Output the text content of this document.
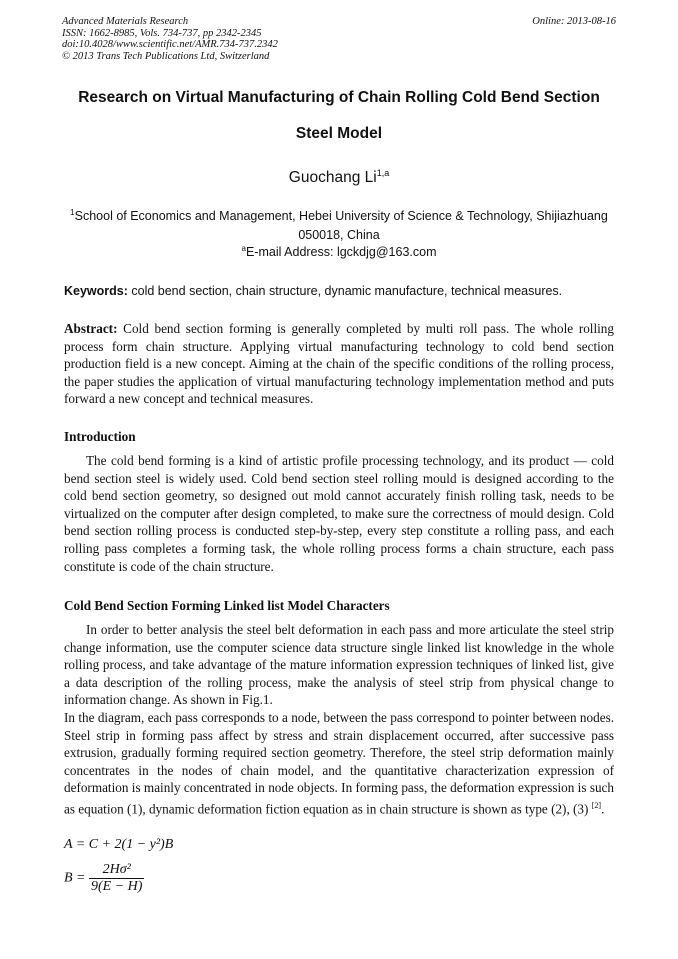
Advanced Materials Research
ISSN: 1662-8985, Vols. 734-737, pp 2342-2345
doi:10.4028/www.scientific.net/AMR.734-737.2342
© 2013 Trans Tech Publications Ltd, Switzerland
Online: 2013-08-16
Research on Virtual Manufacturing of Chain Rolling Cold Bend Section
Steel Model
Guochang Li$^{1,a}$
$^1$School of Economics and Management, Hebei University of Science & Technology, Shijiazhuang 050018, China
$^a$E-mail Address: lgckdjg@163.com
Keywords: cold bend section, chain structure, dynamic manufacture, technical measures.
Abstract: Cold bend section forming is generally completed by multi roll pass. The whole rolling process form chain structure. Applying virtual manufacturing technology to cold bend section production field is a new concept. Aiming at the chain of the specific conditions of the rolling process, the paper studies the application of virtual manufacturing technology implementation method and puts forward a new concept and technical measures.
Introduction
The cold bend forming is a kind of artistic profile processing technology, and its product — cold bend section steel is widely used. Cold bend section steel rolling mould is designed according to the cold bend section geometry, so designed out mold cannot accurately finish rolling task, needs to be virtualized on the computer after design completed, to make sure the correctness of mould design. Cold bend section rolling process is conducted step-by-step, every step constitute a rolling pass, and each rolling pass completes a forming task, the whole rolling process forms a chain structure, each pass constitute is code of the chain structure.
Cold Bend Section Forming Linked list Model Characters
In order to better analysis the steel belt deformation in each pass and more articulate the steel strip change information, use the computer science data structure single linked list knowledge in the whole rolling process, and take advantage of the mature information expression techniques of linked list, give a data description of the rolling process, make the analysis of steel strip from physical change to information change. As shown in Fig.1.
In the diagram, each pass corresponds to a node, between the pass correspond to pointer between nodes. Steel strip in forming pass affect by stress and strain displacement occurred, after successive pass extrusion, gradually forming required section geometry. Therefore, the steel strip deformation mainly concentrates in the nodes of chain model, and the quantitative characterization expression of deformation is mainly concentrated in node objects. In forming pass, the deformation expression is such as equation (1), dynamic deformation fiction equation as in chain structure is shown as type (2), (3) [2].
A = C + 2(1 − y²)B
$B = \frac{\text{2Hσ²}}{9(E - H)}$
